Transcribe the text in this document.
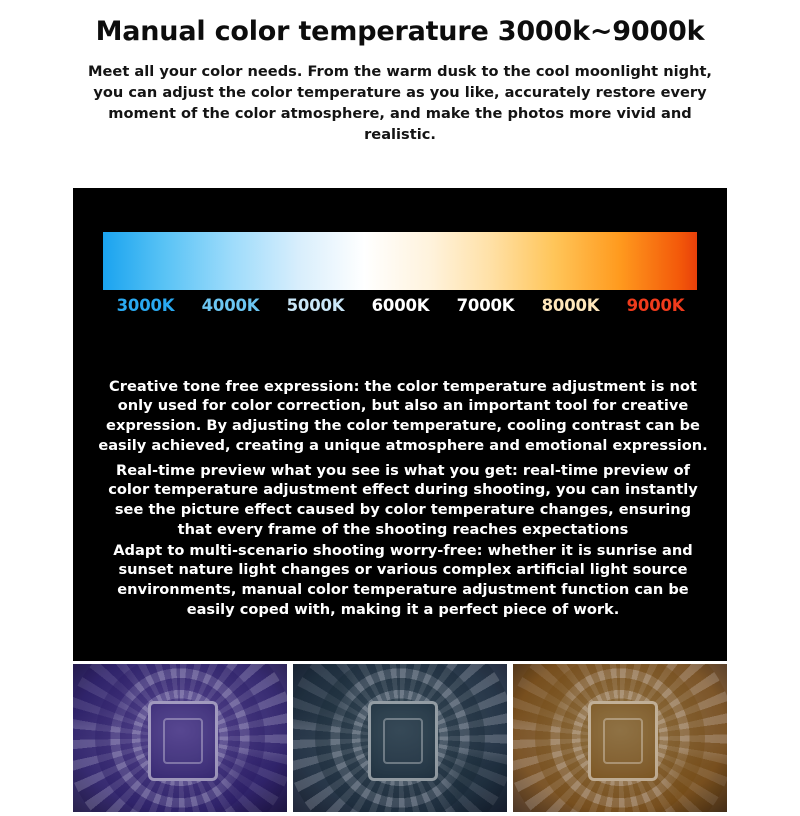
Manual color temperature 3000k~9000k

Meet all your color needs. From the warm dusk to the cool moonlight night, you can adjust the color temperature as you like, accurately restore every moment of the color atmosphere, and make the photos more vivid and realistic.

3000K	4000K	5000K	6000K	7000K	8000K	9000K

Creative tone free expression: the color temperature adjustment is not only used for color correction, but also an important tool for creative expression. By adjusting the color temperature, cooling contrast can be easily achieved, creating a unique atmosphere and emotional expression.

Real-time preview what you see is what you get: real-time preview of color temperature adjustment effect during shooting, you can instantly see the picture effect caused by color temperature changes, ensuring that every frame of the shooting reaches expectations

Adapt to multi-scenario shooting worry-free: whether it is sunrise and sunset nature light changes or various complex artificial light source environments, manual color temperature adjustment function can be easily coped with, making it a perfect piece of work.
